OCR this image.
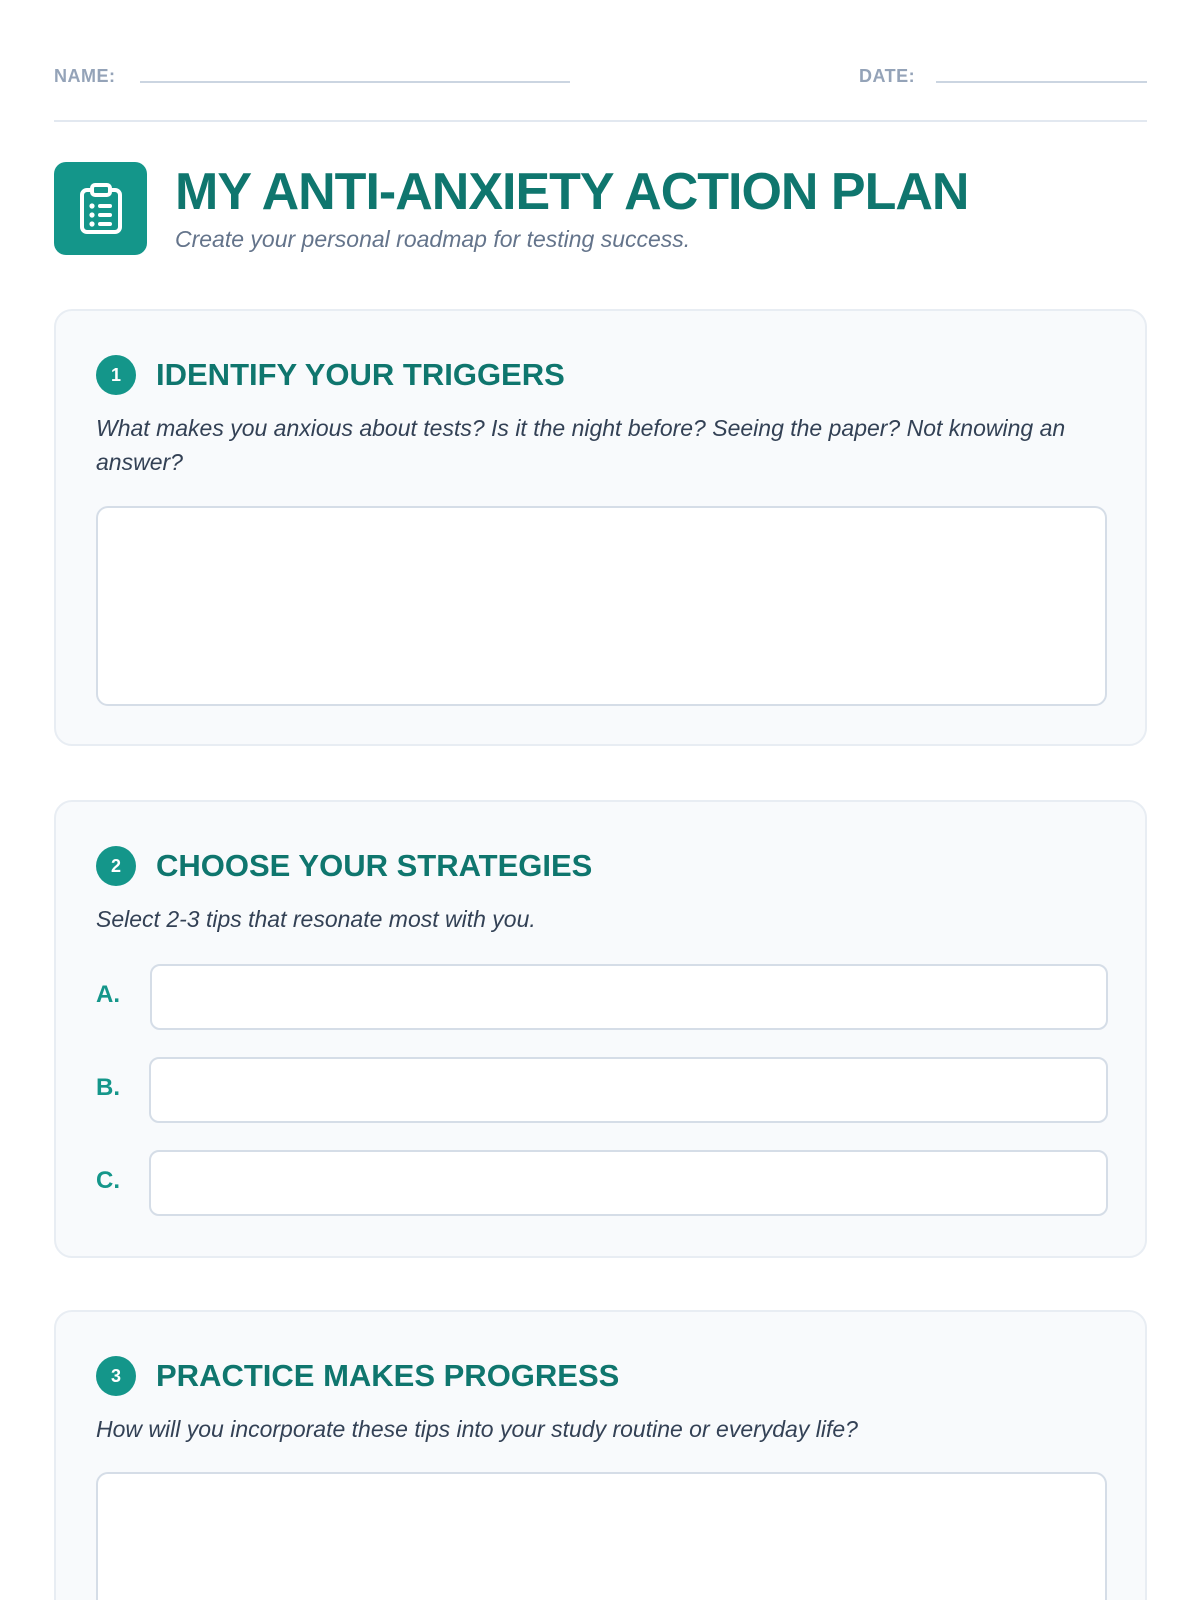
NAME:	DATE:
MY ANTI-ANXIETY ACTION PLAN

Create your personal roadmap for testing success.

1	IDENTIFY YOUR TRIGGERS

What makes you anxious about tests? Is it the night before? Seeing the paper? Not knowing an answer?

2	CHOOSE YOUR STRATEGIES

Select 2-3 tips that resonate most with you.

A.
B.
C.
3	PRACTICE MAKES PROGRESS

How will you incorporate these tips into your study routine or everyday life?
